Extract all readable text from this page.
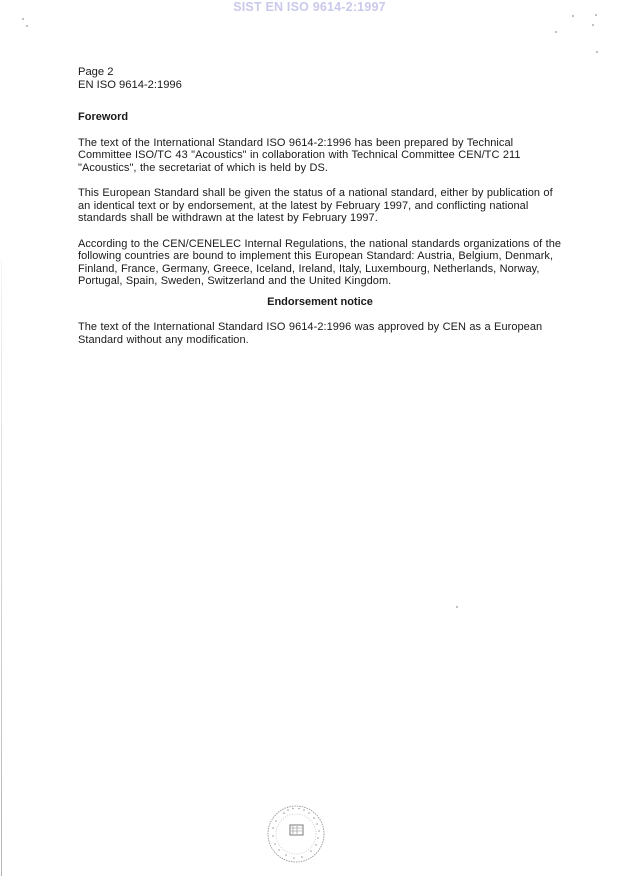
SIST EN ISO 9614-2:1997

Page 2

EN ISO 9614-2:1996

Foreword

The text of the International Standard ISO 9614-2:1996 has been prepared by Technical Committee ISO/TC 43 "Acoustics" in collaboration with Technical Committee CEN/TC 211 "Acoustics", the secretariat of which is held by DS.

This European Standard shall be given the status of a national standard, either by publication of an identical text or by endorsement, at the latest by February 1997, and conflicting national standards shall be withdrawn at the latest by February 1997.

According to the CEN/CENELEC Internal Regulations, the national standards organizations of the following countries are bound to implement this European Standard: Austria, Belgium, Denmark, Finland, France, Germany, Greece, Iceland, Ireland, Italy, Luxembourg, Netherlands, Norway, Portugal, Spain, Sweden, Switzerland and the United Kingdom.

Endorsement notice

The text of the International Standard ISO 9614-2:1996 was approved by CEN as a European Standard without any modification.
